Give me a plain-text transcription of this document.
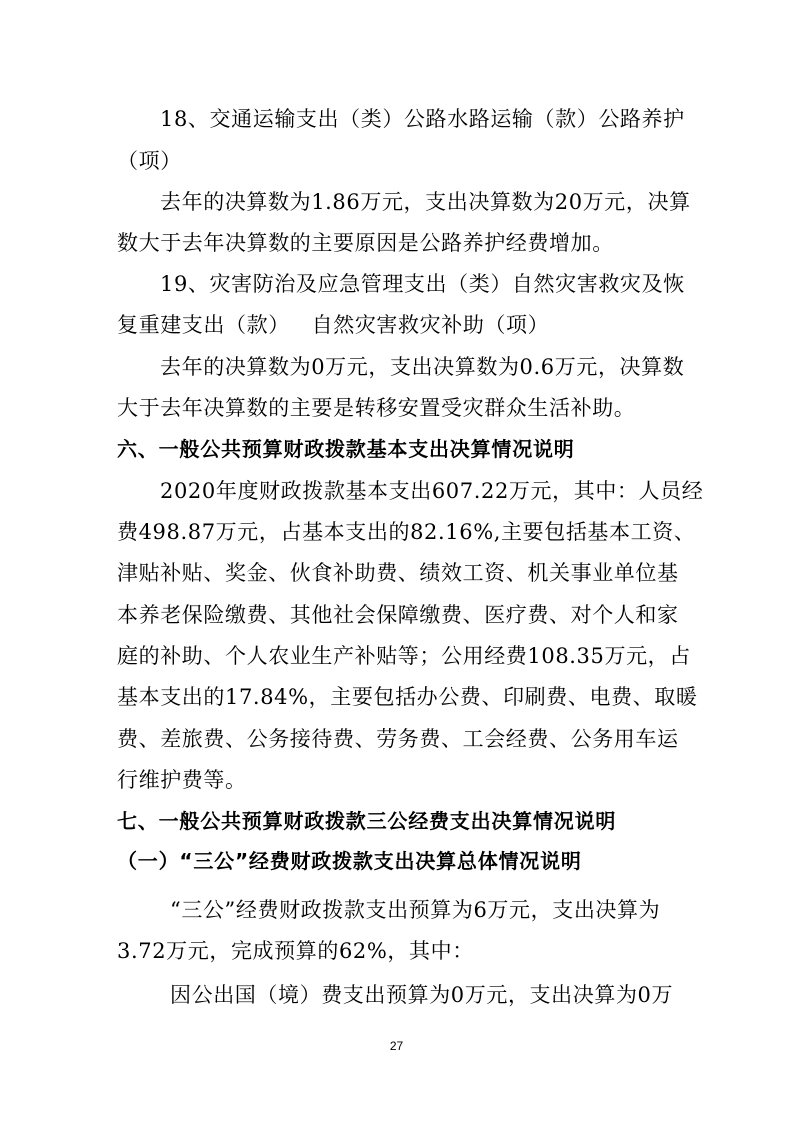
18、交通运输支出（类）公路水路运输（款）公路养护
（项）
去年的决算数为1.86万元，支出决算数为20万元，决算
数大于去年决算数的主要原因是公路养护经费增加。
19、灾害防治及应急管理支出（类）自然灾害救灾及恢
复重建支出（款）   自然灾害救灾补助（项）
去年的决算数为0万元，支出决算数为0.6万元，决算数
大于去年决算数的主要是转移安置受灾群众生活补助。
六、一般公共预算财政拨款基本支出决算情况说明
2020年度财政拨款基本支出607.22万元，其中：人员经
费498.87万元，占基本支出的82.16%,主要包括基本工资、
津贴补贴、奖金、伙食补助费、绩效工资、机关事业单位基
本养老保险缴费、其他社会保障缴费、医疗费、对个人和家
庭的补助、个人农业生产补贴等；公用经费108.35万元，占
基本支出的17.84%，主要包括办公费、印刷费、电费、取暖
费、差旅费、公务接待费、劳务费、工会经费、公务用车运
行维护费等。
七、一般公共预算财政拨款三公经费支出决算情况说明
（一）“三公”经费财政拨款支出决算总体情况说明
“三公”经费财政拨款支出预算为6万元，支出决算为
3.72万元，完成预算的62%，其中：
因公出国（境）费支出预算为0万元，支出决算为0万
27
